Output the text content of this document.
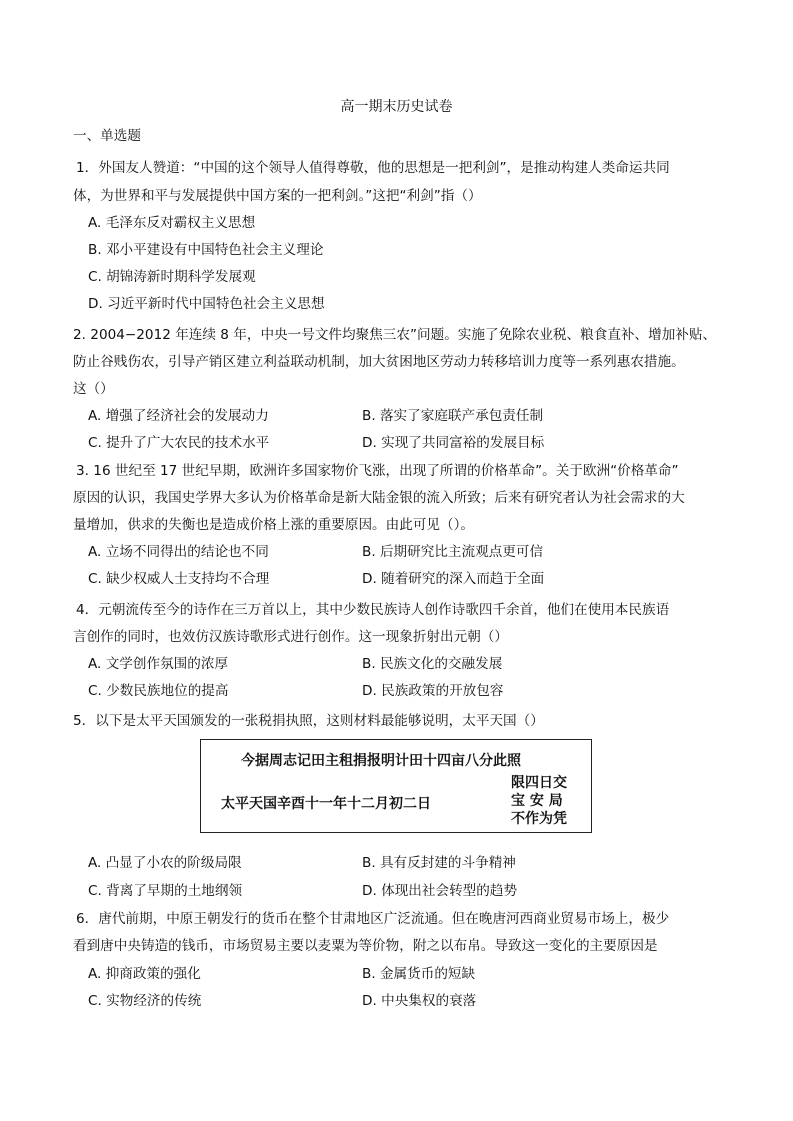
高一期末历史试卷
一、单选题
1．外国友人赞道：“中国的这个领导人值得尊敬，他的思想是一把利剑”，是推动构建人类命运共同
体，为世界和平与发展提供中国方案的一把利剑。”这把“利剑”指（）
A. 毛泽东反对霸权主义思想
B. 邓小平建设有中国特色社会主义理论
C. 胡锦涛新时期科学发展观
D. 习近平新时代中国特色社会主义思想
2. 2004−2012 年连续 8 年，中央一号文件均聚焦三农”问题。实施了免除农业税、粮食直补、增加补贴、
防止谷贱伤农，引导产销区建立利益联动机制，加大贫困地区劳动力转移培训力度等一系列惠农措施。
这（）
A. 增强了经济社会的发展动力	B. 落实了家庭联产承包责任制
C. 提升了广大农民的技术水平	D. 实现了共同富裕的发展目标
3. 16 世纪至 17 世纪早期，欧洲许多国家物价飞涨，出现了所谓的价格革命”。关于欧洲“价格革命”
原因的认识，我国史学界大多认为价格革命是新大陆金银的流入所致；后来有研究者认为社会需求的大
量增加，供求的失衡也是造成价格上涨的重要原因。由此可见（）。
A. 立场不同得出的结论也不同	B. 后期研究比主流观点更可信
C. 缺少权威人士支持均不合理	D. 随着研究的深入而趋于全面
4．元朝流传至今的诗作在三万首以上，其中少数民族诗人创作诗歌四千余首，他们在使用本民族语
言创作的同时，也效仿汉族诗歌形式进行创作。这一现象折射出元朝（）
A. 文学创作氛围的浓厚	B. 民族文化的交融发展
C. 少数民族地位的提高	D. 民族政策的开放包容
5．以下是太平天国颁发的一张税捐执照，这则材料最能够说明，太平天国（）
今据周志记田主租捐报明计田十四亩八分此照
太平天国辛酉十一年十二月初二日
限四日交
宝 安 局
不作为凭
A. 凸显了小农的阶级局限	B. 具有反封建的斗争精神
C. 背离了早期的土地纲领	D. 体现出社会转型的趋势
6．唐代前期，中原王朝发行的货币在整个甘肃地区广泛流通。但在晚唐河西商业贸易市场上，极少
看到唐中央铸造的钱币，市场贸易主要以麦粟为等价物，附之以布帛。导致这一变化的主要原因是
A. 抑商政策的强化	B. 金属货币的短缺
C. 实物经济的传统	D. 中央集权的衰落
